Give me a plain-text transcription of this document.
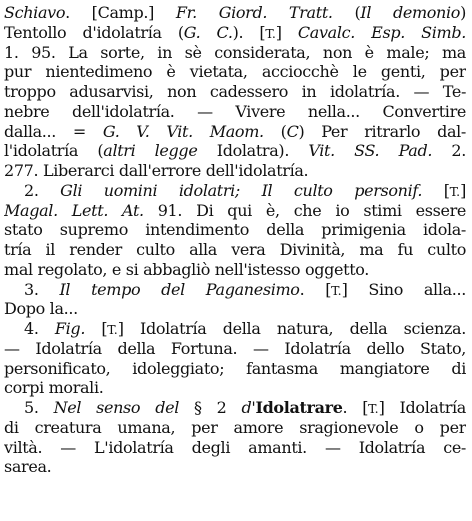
Schiavo. [Camp.] Fr. Giord. Tratt. (Il demonio)
Tentollo d'idolatría (G. C.). [T.] Cavalc. Esp. Simb.
1. 95. La sorte, in sè considerata, non è male; ma
pur nientedimeno è vietata, acciocchè le genti, per
troppo adusarvisi, non cadessero in idolatría. — Te-
nebre dell'idolatría. — Vivere nella... Convertire
dalla... = G. V. Vit. Maom. (C) Per ritrarlo dal-
l'idolatría (altri legge Idolatra). Vit. SS. Pad. 2.
277. Liberarci dall'errore dell'idolatría.
2. Gli uomini idolatri; Il culto personif. [T.]
Magal. Lett. At. 91. Di qui è, che io stimi essere
stato supremo intendimento della primigenia idola-
tría il render culto alla vera Divinità, ma fu culto
mal regolato, e si abbagliò nell'istesso oggetto.
3. Il tempo del Paganesimo. [T.] Sino alla...
Dopo la...
4. Fig. [T.] Idolatría della natura, della scienza.
— Idolatría della Fortuna. — Idolatría dello Stato,
personificato, idoleggiato; fantasma mangiatore di
corpi morali.
5. Nel senso del § 2 d'Idolatrare. [T.] Idolatría
di creatura umana, per amore sragionevole o per
viltà. — L'idolatría degli amanti. — Idolatría ce-
sarea.
